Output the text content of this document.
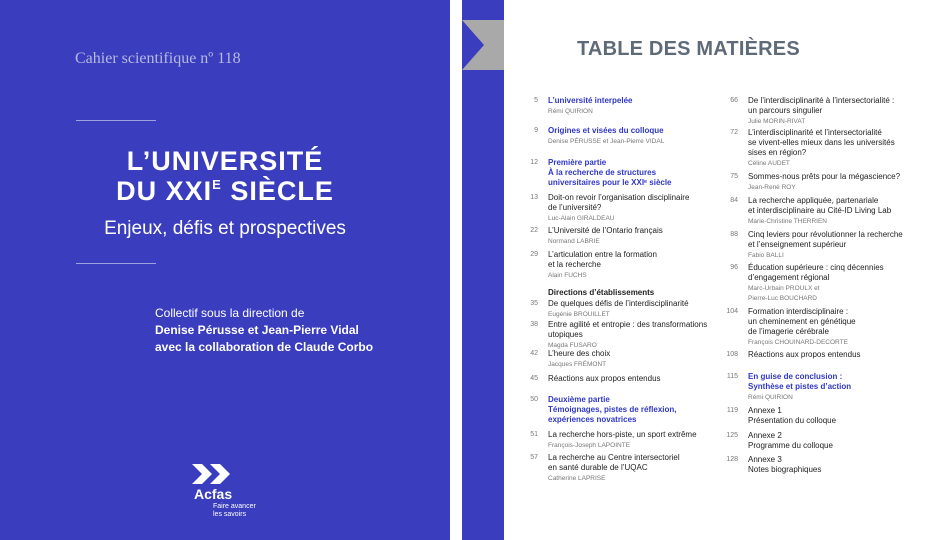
Cahier scientifique nº 118
L’UNIVERSITÉ
DU $XXI^E$ SIÈCLE
Enjeux, défis et prospectives
Collectif sous la direction de
Denise Pérusse et Jean-Pierre Vidal
avec la collaboration de Claude Corbo
Acfas
Faire avancer
les savoirs
TABLE DES MATIÈRES
5 L’université interpelée
Rémi QUIRION
9 Origines et visées du colloque
Denise PÉRUSSE et Jean-Pierre VIDAL
12 Première partie
À la recherche de structures
universitaires pour le XXIᵉ siècle
13 Doit-on revoir l’organisation disciplinaire
de l’université?
Luc-Alain GIRALDEAU
22 L’Université de l’Ontario français
Normand LABRIE
29 L’articulation entre la formation
et la recherche
Alain FUCHS
Directions d’établissements
35 De quelques défis de l’interdisciplinarité
Eugénie BROUILLET
38 Entre agilité et entropie : des transformations
utopiques
Magda FUSARO
42 L’heure des choix
Jacques FRÉMONT
45 Réactions aux propos entendus
50 Deuxième partie
Témoignages, pistes de réflexion,
expériences novatrices
51 La recherche hors-piste, un sport extrême
François-Joseph LAPOINTE
57 La recherche au Centre intersectoriel
en santé durable de l’UQAC
Catherine LAPRISE
66 De l’interdisciplinarité à l’intersectorialité :
un parcours singulier
Julie MORIN-RIVAT
72 L’interdisciplinarité et l’intersectorialité
se vivent-elles mieux dans les universités
sises en région?
Céline AUDET
75 Sommes-nous prêts pour la mégascience?
Jean-René ROY
84 La recherche appliquée, partenariale
et interdisciplinaire au Cité-ID Living Lab
Marie-Christine THERRIEN
88 Cinq leviers pour révolutionner la recherche
et l’enseignement supérieur
Fabio BALLI
96 Éducation supérieure : cinq décennies
d’engagement régional
Marc-Urbain PROULX et
Pierre-Luc BOUCHARD
104 Formation interdisciplinaire :
un cheminement en génétique
de l’imagerie cérébrale
François CHOUINARD-DECORTE
108 Réactions aux propos entendus
115 En guise de conclusion :
Synthèse et pistes d’action
Rémi QUIRION
119 Annexe 1
Présentation du colloque
125 Annexe 2
Programme du colloque
128 Annexe 3
Notes biographiques
